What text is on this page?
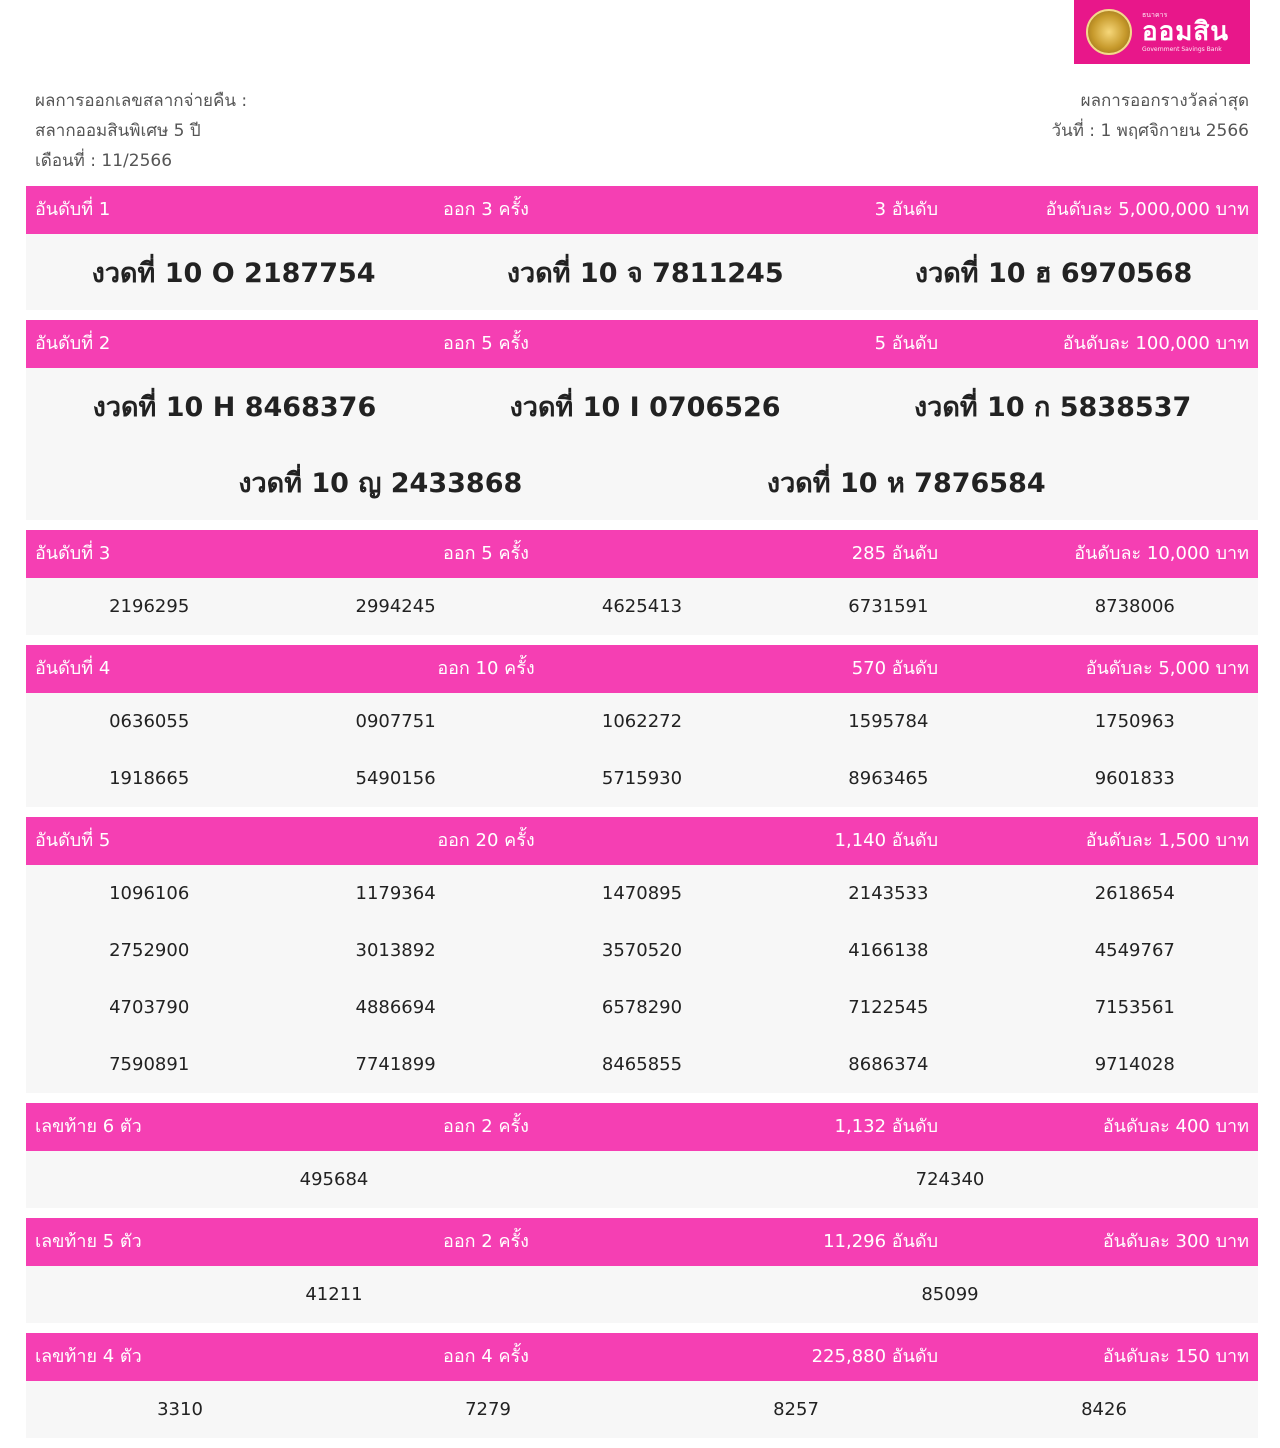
ธนาคาร
ออมสิน
Government Savings Bank
ผลการออกเลขสลากจ่ายคืน :
สลากออมสินพิเศษ 5 ปี
เดือนที่ : 11/2566
ผลการออกรางวัลล่าสุด
วันที่ : 1 พฤศจิกายน 2566
อันดับที่ 1	ออก 3 ครั้ง	3 อันดับ	อันดับละ 5,000,000 บาท
งวดที่ 10 O 2187754	งวดที่ 10 จ 7811245	งวดที่ 10 ฮ 6970568
อันดับที่ 2	ออก 5 ครั้ง	5 อันดับ	อันดับละ 100,000 บาท
งวดที่ 10 H 8468376	งวดที่ 10 I 0706526	งวดที่ 10 ก 5838537
งวดที่ 10 ญ 2433868	งวดที่ 10 ห 7876584
อันดับที่ 3	ออก 5 ครั้ง	285 อันดับ	อันดับละ 10,000 บาท
2196295	2994245	4625413	6731591	8738006
อันดับที่ 4	ออก 10 ครั้ง	570 อันดับ	อันดับละ 5,000 บาท
0636055	0907751	1062272	1595784	1750963
1918665	5490156	5715930	8963465	9601833
อันดับที่ 5	ออก 20 ครั้ง	1,140 อันดับ	อันดับละ 1,500 บาท
1096106	1179364	1470895	2143533	2618654
2752900	3013892	3570520	4166138	4549767
4703790	4886694	6578290	7122545	7153561
7590891	7741899	8465855	8686374	9714028
เลขท้าย 6 ตัว	ออก 2 ครั้ง	1,132 อันดับ	อันดับละ 400 บาท
495684	724340
เลขท้าย 5 ตัว	ออก 2 ครั้ง	11,296 อันดับ	อันดับละ 300 บาท
41211	85099
เลขท้าย 4 ตัว	ออก 4 ครั้ง	225,880 อันดับ	อันดับละ 150 บาท
3310	7279	8257	8426
